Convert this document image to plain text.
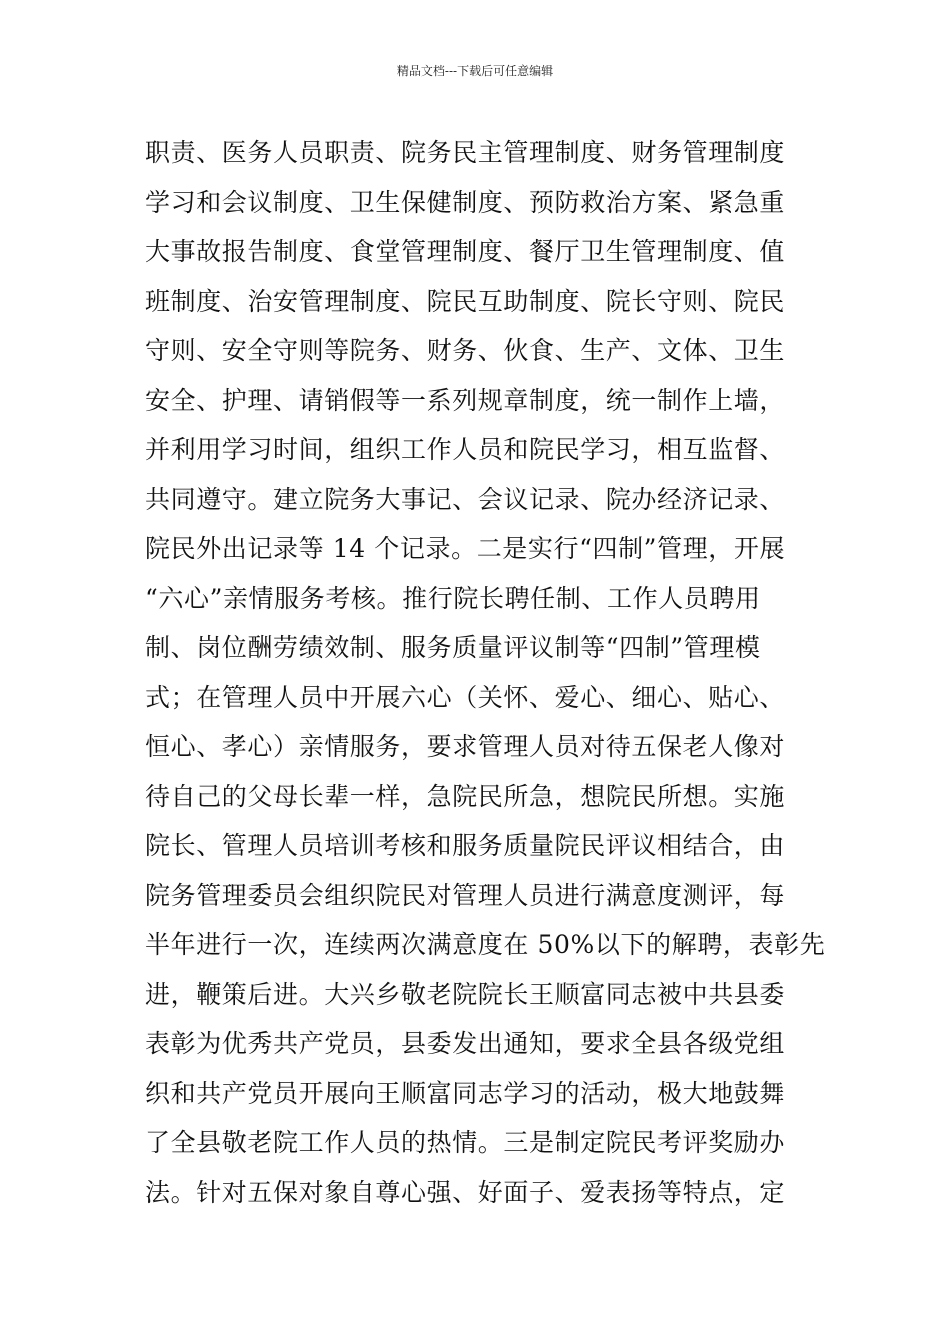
精品文档---下载后可任意编辑
职责、医务人员职责、院务民主管理制度、财务管理制度
学习和会议制度、卫生保健制度、预防救治方案、紧急重
大事故报告制度、食堂管理制度、餐厅卫生管理制度、值
班制度、治安管理制度、院民互助制度、院长守则、院民
守则、安全守则等院务、财务、伙食、生产、文体、卫生
安全、护理、请销假等一系列规章制度，统一制作上墙，
并利用学习时间，组织工作人员和院民学习，相互监督、
共同遵守。建立院务大事记、会议记录、院办经济记录、
院民外出记录等 14 个记录。二是实行“四制”管理，开展
“六心”亲情服务考核。推行院长聘任制、工作人员聘用
制、岗位酬劳绩效制、服务质量评议制等“四制”管理模
式；在管理人员中开展六心（关怀、爱心、细心、贴心、
恒心、孝心）亲情服务，要求管理人员对待五保老人像对
待自己的父母长辈一样，急院民所急，想院民所想。实施
院长、管理人员培训考核和服务质量院民评议相结合，由
院务管理委员会组织院民对管理人员进行满意度测评，每
半年进行一次，连续两次满意度在 50%以下的解聘，表彰先
进，鞭策后进。大兴乡敬老院院长王顺富同志被中共县委
表彰为优秀共产党员，县委发出通知，要求全县各级党组
织和共产党员开展向王顺富同志学习的活动，极大地鼓舞
了全县敬老院工作人员的热情。三是制定院民考评奖励办
法。针对五保对象自尊心强、好面子、爱表扬等特点，定
